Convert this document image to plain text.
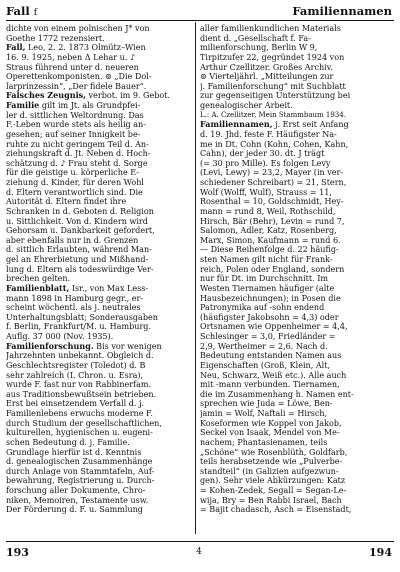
Fall f	Familiennamen
dichte von einem polnischen J* von
Goethe 1772 rezensiert.
Fall, Leo, 2. 2. 1873 Olmütz–Wien
16. 9. 1925, neben Δ Lehar u. ♪
Straus führend unter d. neueren
Operettenkomponisten. ⊚ „Die Dol-
larprinzessin“, „Der fidele Bauer“.
Falsches Zeugnis, verbot. im 9. Gebot.
Familie gilt im Jt. als Grundpfei-
ler d. sittlichen Weltordnung. Das
F.-Leben wurde stets als heilig an-
gesehen; auf seiner Innigkeit be-
ruhte zu nicht geringem Teil d. An-
ziehungskraft d. Jt. Neben d. Hoch-
schätzung d. ♪ Frau steht d. Sorge
für die geistige u. körperliche E-
ziehung d. Kinder, für deren Wohl
d. Eltern verantwortlich sind. Die
Autorität d. Eltern findet ihre
Schranken in d. Geboten d. Religion
u. Sittlichkeit. Von d. Kindern wird
Gehorsam u. Dankbarkeit gefordert,
aber ebenfalls nur in d. Grenzen
d. sittlich Erlaubten, während Man-
gel an Ehrerbietung und Mißhand-
lung d. Eltern als todeswürdige Ver-
brechen gelten.
Familienblatt, Isr., von Max Less-
mann 1898 in Hamburg gegr., er-
scheint wöchentl. als j. neutrales
Unterhaltungsblatt; Sonderausgaben
f. Berlin, Frankfurt/M. u. Hamburg.
Auflg. 37 000 (Nov. 1935).
Familienforschung. Bis vor wenigen
Jahrzehnten unbekannt. Obgleich d.
Geschlechtsregister (Toledot) d. B
sehr zahlreich (I. Chron. u. Esra),
wurde F. fast nur von Rabbinerfam.
aus Traditionsbewußtsein betrieben.
Erst bei einsetzendem Verfall d. j.
Familienlebens erwuchs moderne F.
durch Studium der gesellschaftlichen,
kulturellen, hygienischen u. eugeni-
schen Bedeutung d. j. Familie.
Grundlage hierfür ist d. Kenntnis
d. genealogischen Zusammenhänge
durch Anlage von Stammtafeln, Auf-
bewahrung, Registrierung u. Durch-
forschung aller Dokumente, Chro-
niken, Memoiren, Testamente usw.
Der Förderung d. F. u. Sammlung
aller familienkundlichen Materials
dient d. „Gesellschaft f. Fa-
milienforschung, Berlin W 9,
Tirpitzufer 22, gegründet 1924 von
Arthur Czellitzer. Großes Archiv.
⊚ Vierteljährl. „Mitteilungen zur
j. Familienforschung“ mit Suchblatt
zur gegenseitigen Unterstützung bei
genealogischer Arbeit.
L.: A. Czellitzer, Mein Stammbaum 1934.
Familiennamen, j. Erst seit Anfang
d. 19. Jhd. feste F. Häufigster Na-
me in Dt. Cohn (Kohn, Cohen, Kahn,
Cahn), der jeder 30. dt. J trägt
(= 30 pro Mille). Es folgen Levy
(Levi, Lewy) = 23,2, Mayer (in ver-
schiedener Schreibart) = 21, Stern,
Wolf (Wolff, Wulf), Strauss = 11,
Rosenthal = 10, Goldschmidt, Hey-
mann = rund 8, Weil, Rothschild,
Hirsch, Bär (Behr), Levin = rund 7,
Salomon, Adler, Katz, Rosenberg,
Marx, Simon, Kaufmann = rund 6.
— Diese Reihenfolge d. 22 häufig-
sten Namen gilt nicht für Frank-
reich, Polen oder England, sondern
nur für Dt. im Durchschnitt. Im
Westen Tiernamen häufiger (alte
Hausbezeichnungen); in Posen die
Patronymika auf -sohn endend
(häufigster Jakobsohn = 4,3) oder
Ortsnamen wie Oppenheimer = 4,4,
Schlesinger = 3,0, Friedländer =
2,9, Wertheimer = 2,6. Nach d.
Bedeutung entstanden Namen aus
Eigenschaften (Groß, Klein, Alt,
Neu, Schwarz, Weiß etc.). Alle auch
mit -mann verbunden. Tiernamen,
die im Zusammenhang h. Namen ent-
sprechen wie Juda = Löwe, Ben-
jamin = Wolf, Naftali = Hirsch,
Koseformen wie Koppel von Jakob,
Seckel von Isaak, Mendel von Me-
nachem; Phantasienamen, teils
„Schöne“ wie Rosenblüth, Goldfarb,
teils herabsetzende wie „Pulverbe-
standteil“ (in Galizien aufgezwun-
gen). Sehr viele Abkürzungen: Katz
= Kohen-Zedek, Segall = Segan-Le-
wija, Bry = Ben Rabbi Israel, Bach
= Bajit chadasch, Asch = Eisenstadt,
193	4	194
